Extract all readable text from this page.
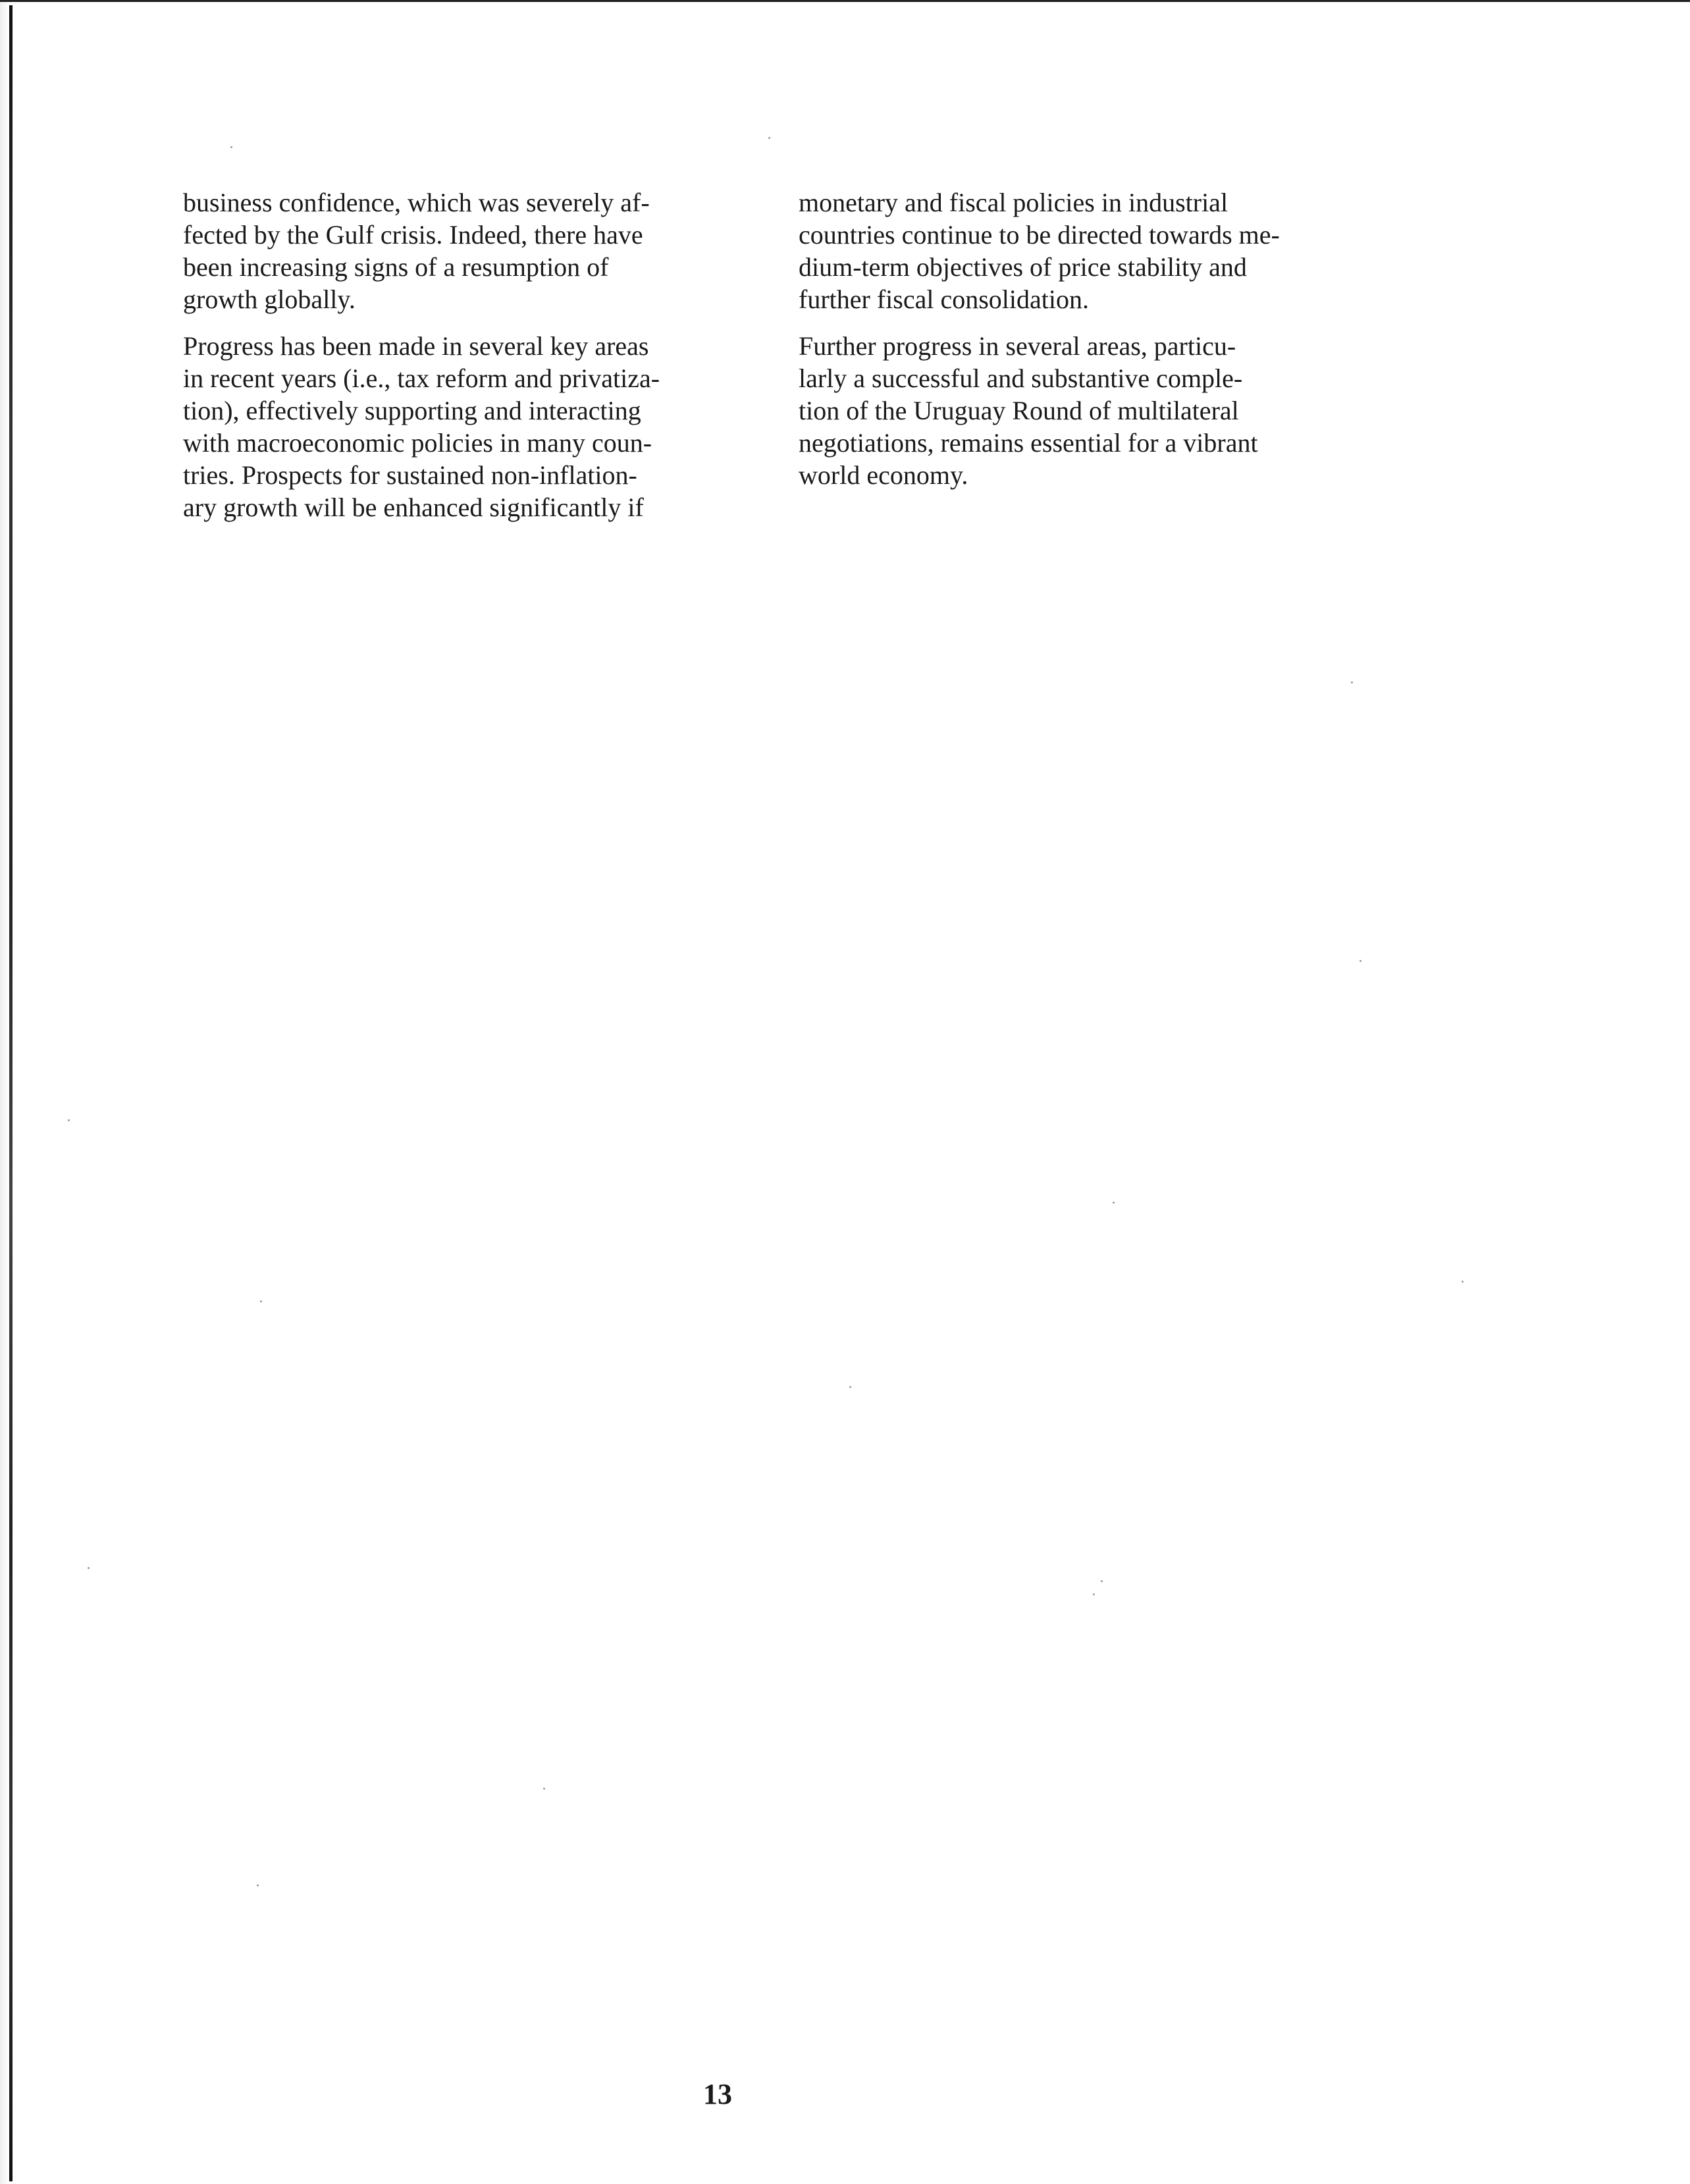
business confidence, which was severely af-
fected by the Gulf crisis. Indeed, there have
been increasing signs of a resumption of
growth globally.

Progress has been made in several key areas
in recent years (i.e., tax reform and privatiza-
tion), effectively supporting and interacting
with macroeconomic policies in many coun-
tries. Prospects for sustained non-inflation-
ary growth will be enhanced significantly if

monetary and fiscal policies in industrial
countries continue to be directed towards me-
dium-term objectives of price stability and
further fiscal consolidation.

Further progress in several areas, particu-
larly a successful and substantive comple-
tion of the Uruguay Round of multilateral
negotiations, remains essential for a vibrant
world economy.

13
